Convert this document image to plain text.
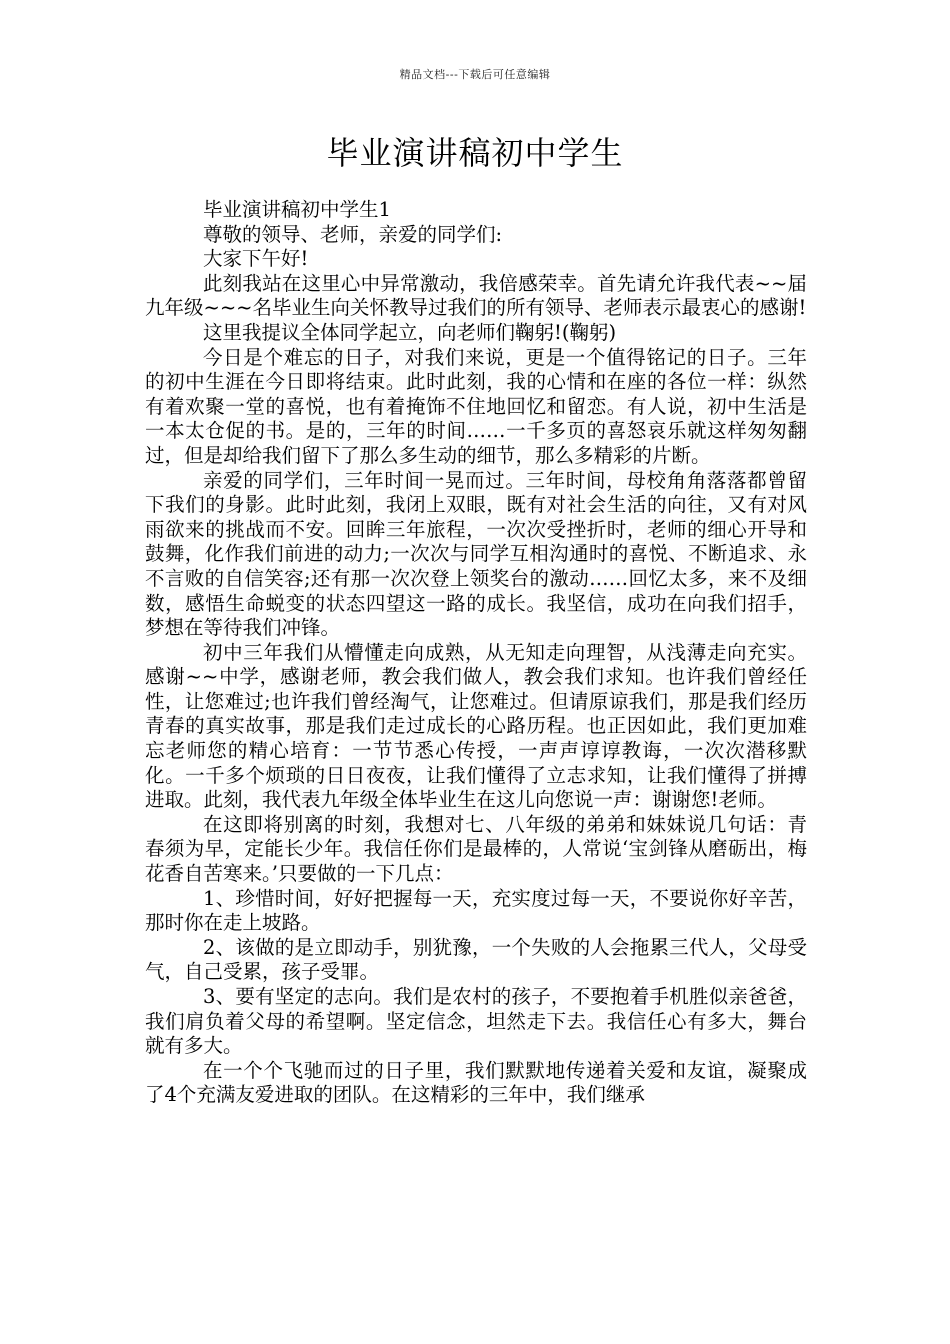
精品文档---下载后可任意编辑
毕业演讲稿初中学生

毕业演讲稿初中学生1

尊敬的领导、老师，亲爱的同学们:

大家下午好!

此刻我站在这里心中异常激动，我倍感荣幸。首先请允许我代表~~届九年级~~~名毕业生向关怀教导过我们的所有领导、老师表示最衷心的感谢!

这里我提议全体同学起立，向老师们鞠躬!(鞠躬)

今日是个难忘的日子，对我们来说，更是一个值得铭记的日子。三年的初中生涯在今日即将结束。此时此刻，我的心情和在座的各位一样：纵然有着欢聚一堂的喜悦，也有着掩饰不住地回忆和留恋。有人说，初中生活是一本太仓促的书。是的，三年的时间……一千多页的喜怒哀乐就这样匆匆翻过，但是却给我们留下了那么多生动的细节，那么多精彩的片断。

亲爱的同学们，三年时间一晃而过。三年时间，母校角角落落都曾留下我们的身影。此时此刻，我闭上双眼，既有对社会生活的向往，又有对风雨欲来的挑战而不安。回眸三年旅程，一次次受挫折时，老师的细心开导和鼓舞，化作我们前进的动力;一次次与同学互相沟通时的喜悦、不断追求、永不言败的自信笑容;还有那一次次登上领奖台的激动……回忆太多，来不及细数，感悟生命蜕变的状态四望这一路的成长。我坚信，成功在向我们招手，梦想在等待我们冲锋。

初中三年我们从懵懂走向成熟，从无知走向理智，从浅薄走向充实。感谢~~中学，感谢老师，教会我们做人，教会我们求知。也许我们曾经任性，让您难过;也许我们曾经淘气，让您难过。但请原谅我们，那是我们经历青春的真实故事，那是我们走过成长的心路历程。也正因如此，我们更加难忘老师您的精心培育：一节节悉心传授，一声声谆谆教诲，一次次潜移默化。一千多个烦琐的日日夜夜，让我们懂得了立志求知，让我们懂得了拼搏进取。此刻，我代表九年级全体毕业生在这儿向您说一声：谢谢您!老师。

在这即将别离的时刻，我想对七、八年级的弟弟和妹妹说几句话：青春须为早，定能长少年。我信任你们是最棒的，人常说‘宝剑锋从磨砺出，梅花香自苦寒来。’只要做的一下几点：

1、珍惜时间，好好把握每一天，充实度过每一天，不要说你好辛苦，那时你在走上坡路。

2、该做的是立即动手，别犹豫，一个失败的人会拖累三代人，父母受气，自己受累，孩子受罪。

3、要有坚定的志向。我们是农村的孩子，不要抱着手机胜似亲爸爸，我们肩负着父母的希望啊。坚定信念，坦然走下去。我信任心有多大，舞台就有多大。

在一个个飞驰而过的日子里，我们默默地传递着关爱和友谊，凝聚成了4个充满友爱进取的团队。在这精彩的三年中，我们继承
